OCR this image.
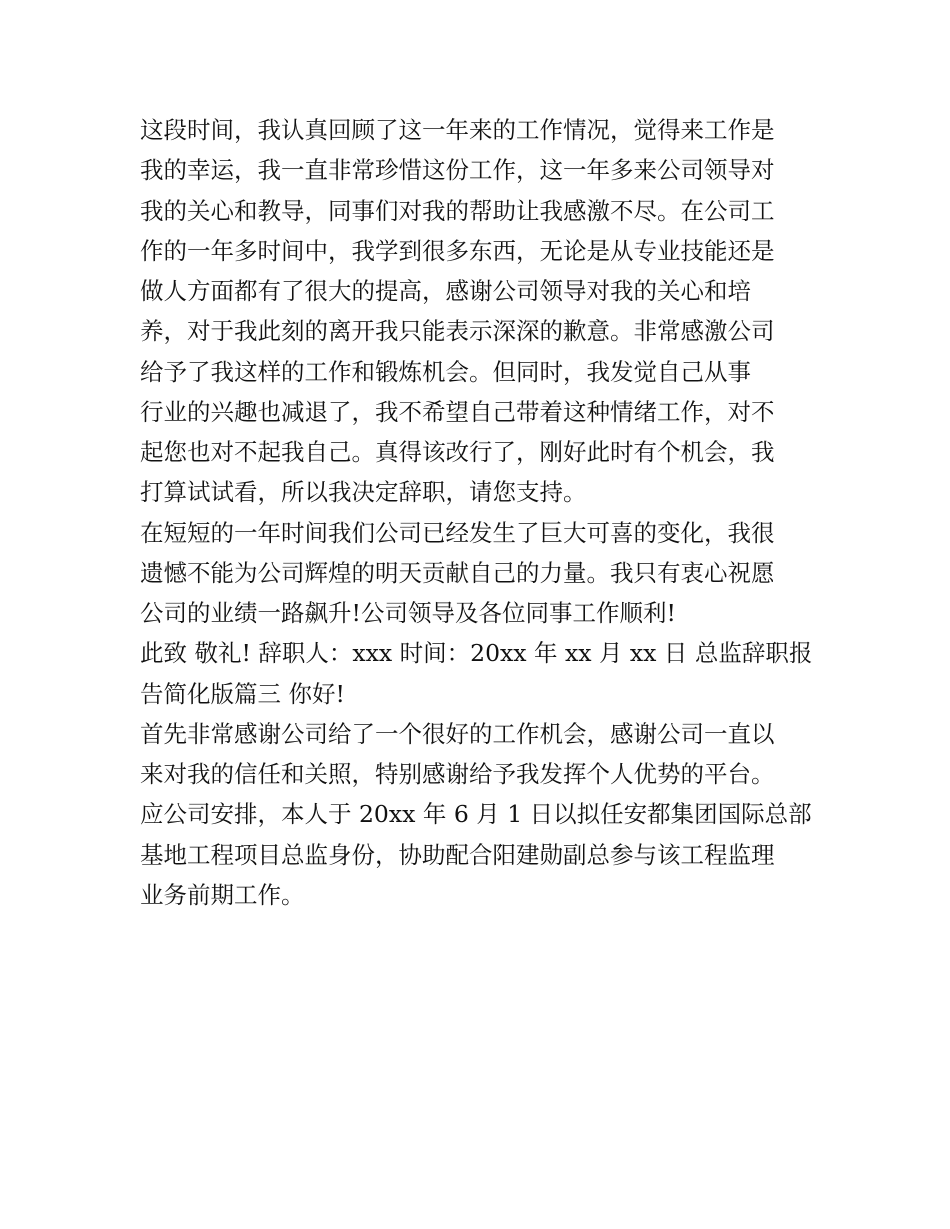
这段时间，我认真回顾了这一年来的工作情况，觉得来工作是
我的幸运，我一直非常珍惜这份工作，这一年多来公司领导对
我的关心和教导，同事们对我的帮助让我感激不尽。在公司工
作的一年多时间中，我学到很多东西，无论是从专业技能还是
做人方面都有了很大的提高，感谢公司领导对我的关心和培
养，对于我此刻的离开我只能表示深深的歉意。非常感激公司
给予了我这样的工作和锻炼机会。但同时，我发觉自己从事
行业的兴趣也减退了，我不希望自己带着这种情绪工作，对不
起您也对不起我自己。真得该改行了，刚好此时有个机会，我
打算试试看，所以我决定辞职，请您支持。
在短短的一年时间我们公司已经发生了巨大可喜的变化，我很
遗憾不能为公司辉煌的明天贡献自己的力量。我只有衷心祝愿
公司的业绩一路飙升!公司领导及各位同事工作顺利!
此致 敬礼! 辞职人：xxx 时间：20xx 年 xx 月 xx 日 总监辞职报
告简化版篇三 你好!
首先非常感谢公司给了一个很好的工作机会，感谢公司一直以
来对我的信任和关照，特别感谢给予我发挥个人优势的平台。
应公司安排，本人于 20xx 年 6 月 1 日以拟任安都集团国际总部
基地工程项目总监身份，协助配合阳建勋副总参与该工程监理
业务前期工作。
